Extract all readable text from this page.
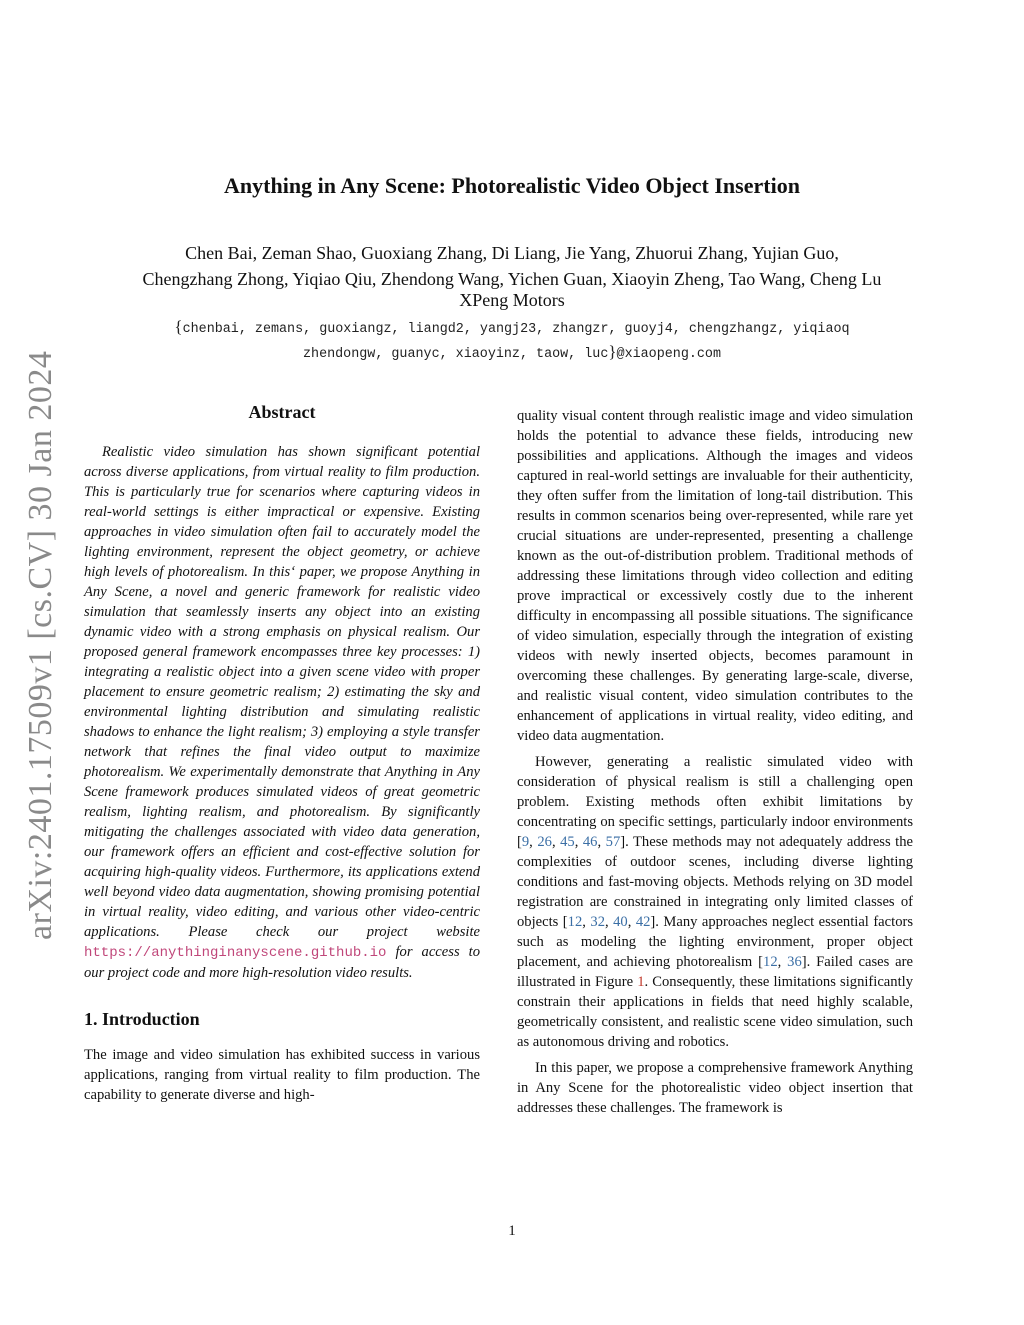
arXiv:2401.17509v1 [cs.CV] 30 Jan 2024
Anything in Any Scene: Photorealistic Video Object Insertion
Chen Bai, Zeman Shao, Guoxiang Zhang, Di Liang, Jie Yang, Zhuorui Zhang, Yujian Guo,
Chengzhang Zhong, Yiqiao Qiu, Zhendong Wang, Yichen Guan, Xiaoyin Zheng, Tao Wang, Cheng Lu
XPeng Motors
{chenbai, zemans, guoxiangz, liangd2, yangj23, zhangzr, guoyj4, chengzhangz, yiqiaoq
zhendongw, guanyc, xiaoyinz, taow, luc}@xiaopeng.com
Abstract

Realistic video simulation has shown significant potential across diverse applications, from virtual reality to film production. This is particularly true for scenarios where capturing videos in real-world settings is either impractical or expensive. Existing approaches in video simulation often fail to accurately model the lighting environment, represent the object geometry, or achieve high levels of photorealism. In this‘ paper, we propose Anything in Any Scene, a novel and generic framework for realistic video simulation that seamlessly inserts any object into an existing dynamic video with a strong emphasis on physical realism. Our proposed general framework encompasses three key processes: 1) integrating a realistic object into a given scene video with proper placement to ensure geometric realism; 2) estimating the sky and environmental lighting distribution and simulating realistic shadows to enhance the light realism; 3) employing a style transfer network that refines the final video output to maximize photorealism. We experimentally demonstrate that Anything in Any Scene framework produces simulated videos of great geometric realism, lighting realism, and photorealism. By significantly mitigating the challenges associated with video data generation, our framework offers an efficient and cost-effective solution for acquiring high-quality videos. Furthermore, its applications extend well beyond video data augmentation, showing promising potential in virtual reality, video editing, and various other video-centric applications. Please check our project website https://anythinginanyscene.github.io for access to our project code and more high-resolution video results.

1. Introduction

The image and video simulation has exhibited success in various applications, ranging from virtual reality to film production. The capability to generate diverse and high-

quality visual content through realistic image and video simulation holds the potential to advance these fields, introducing new possibilities and applications. Although the images and videos captured in real-world settings are invaluable for their authenticity, they often suffer from the limitation of long-tail distribution. This results in common scenarios being over-represented, while rare yet crucial situations are under-represented, presenting a challenge known as the out-of-distribution problem. Traditional methods of addressing these limitations through video collection and editing prove impractical or excessively costly due to the inherent difficulty in encompassing all possible situations. The significance of video simulation, especially through the integration of existing videos with newly inserted objects, becomes paramount in overcoming these challenges. By generating large-scale, diverse, and realistic visual content, video simulation contributes to the enhancement of applications in virtual reality, video editing, and video data augmentation.

However, generating a realistic simulated video with consideration of physical realism is still a challenging open problem. Existing methods often exhibit limitations by concentrating on specific settings, particularly indoor environments [9, 26, 45, 46, 57]. These methods may not adequately address the complexities of outdoor scenes, including diverse lighting conditions and fast-moving objects. Methods relying on 3D model registration are constrained in integrating only limited classes of objects [12, 32, 40, 42]. Many approaches neglect essential factors such as modeling the lighting environment, proper object placement, and achieving photorealism [12, 36]. Failed cases are illustrated in Figure 1. Consequently, these limitations significantly constrain their applications in fields that need highly scalable, geometrically consistent, and realistic scene video simulation, such as autonomous driving and robotics.

In this paper, we propose a comprehensive framework Anything in Any Scene for the photorealistic video object insertion that addresses these challenges. The framework is

1
